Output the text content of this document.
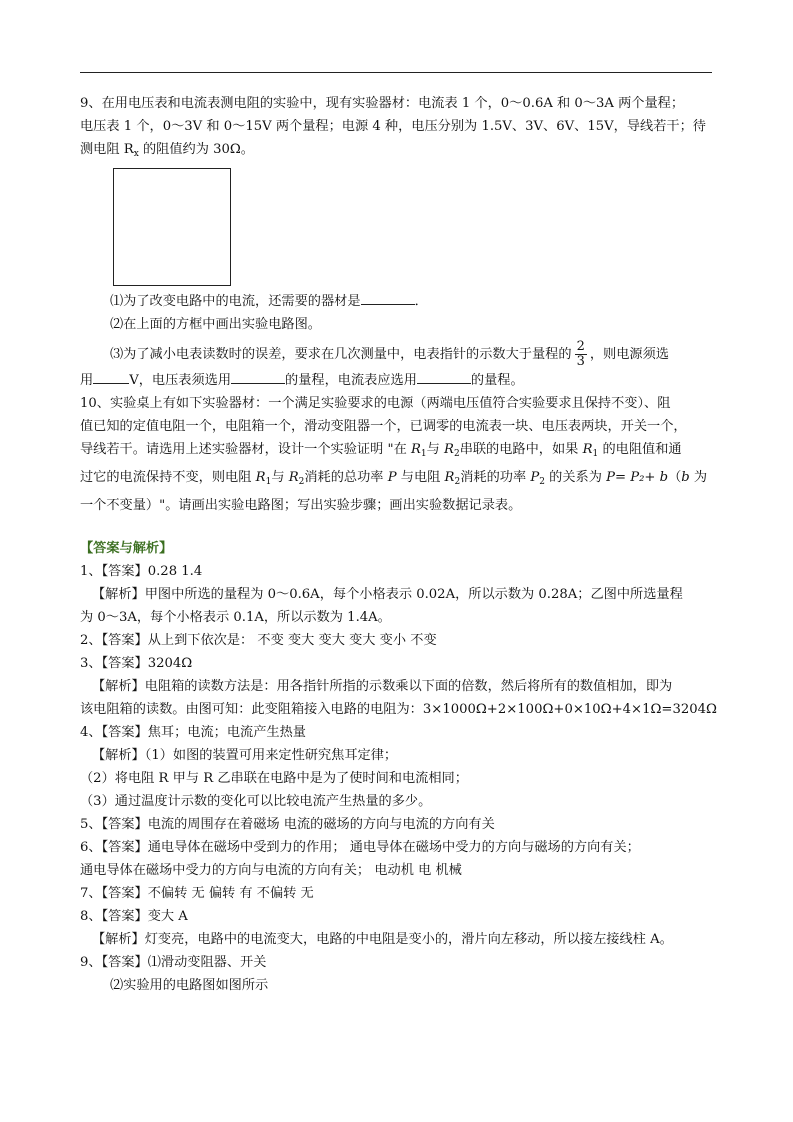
9、在用电压表和电流表测电阻的实验中，现有实验器材：电流表 1 个，0～0.6A 和 0～3A 两个量程；

电压表 1 个，0～3V 和 0～15V 两个量程；电源 4 种，电压分别为 1.5V、3V、6V、15V，导线若干；待

测电阻 $R_x$ 的阻值约为 30Ω。

⑴为了改变电路中的电流，还需要的器材是	．

⑵在上面的方框中画出实验电路图。

⑶为了减小电表读数时的误差，要求在几次测量中，电表指针的示数大于量程的 $\frac{2}{3}$ ，则电源须选

用	V，电压表须选用	的量程，电流表应选用	的量程。

10、实验桌上有如下实验器材：一个满足实验要求的电源（两端电压值符合实验要求且保持不变）、阻

值已知的定值电阻一个，电阻箱一个，滑动变阻器一个，已调零的电流表一块、电压表两块，开关一个，

导线若干。请选用上述实验器材，设计一个实验证明 "在 $R_1$与 $R_2$串联的电路中，如果 $R_1$ 的电阻值和通

过它的电流保持不变，则电阻 $R_1$与 $R_2$消耗的总功率 P 与电阻 $R_2$消耗的功率 $P_2$ 的关系为 P= P₂+ b（b 为

一个不变量）"。请画出实验电路图；写出实验步骤；画出实验数据记录表。

【答案与解析】

1、【答案】0.28 1.4

【解析】甲图中所选的量程为 0～0.6A，每个小格表示 0.02A，所以示数为 0.28A；乙图中所选量程

为 0～3A，每个小格表示 0.1A，所以示数为 1.4A。

2、【答案】从上到下依次是： 不变 变大 变大 变大 变小 不变

3、【答案】3204Ω

【解析】电阻箱的读数方法是：用各指针所指的示数乘以下面的倍数，然后将所有的数值相加，即为

该电阻箱的读数。由图可知：此变阻箱接入电路的电阻为：3×1000Ω+2×100Ω+0×10Ω+4×1Ω=3204Ω

4、【答案】焦耳；电流；电流产生热量

【解析】（1）如图的装置可用来定性研究焦耳定律；

（2）将电阻 R 甲与 R 乙串联在电路中是为了使时间和电流相同；

（3）通过温度计示数的变化可以比较电流产生热量的多少。

5、【答案】电流的周围存在着磁场 电流的磁场的方向与电流的方向有关

6、【答案】通电导体在磁场中受到力的作用； 通电导体在磁场中受力的方向与磁场的方向有关；

通电导体在磁场中受力的方向与电流的方向有关； 电动机 电 机械

7、【答案】不偏转 无 偏转 有 不偏转 无

8、【答案】变大 A

【解析】灯变亮，电路中的电流变大，电路的中电阻是变小的，滑片向左移动，所以接左接线柱 A。

9、【答案】⑴滑动变阻器、开关

⑵实验用的电路图如图所示
